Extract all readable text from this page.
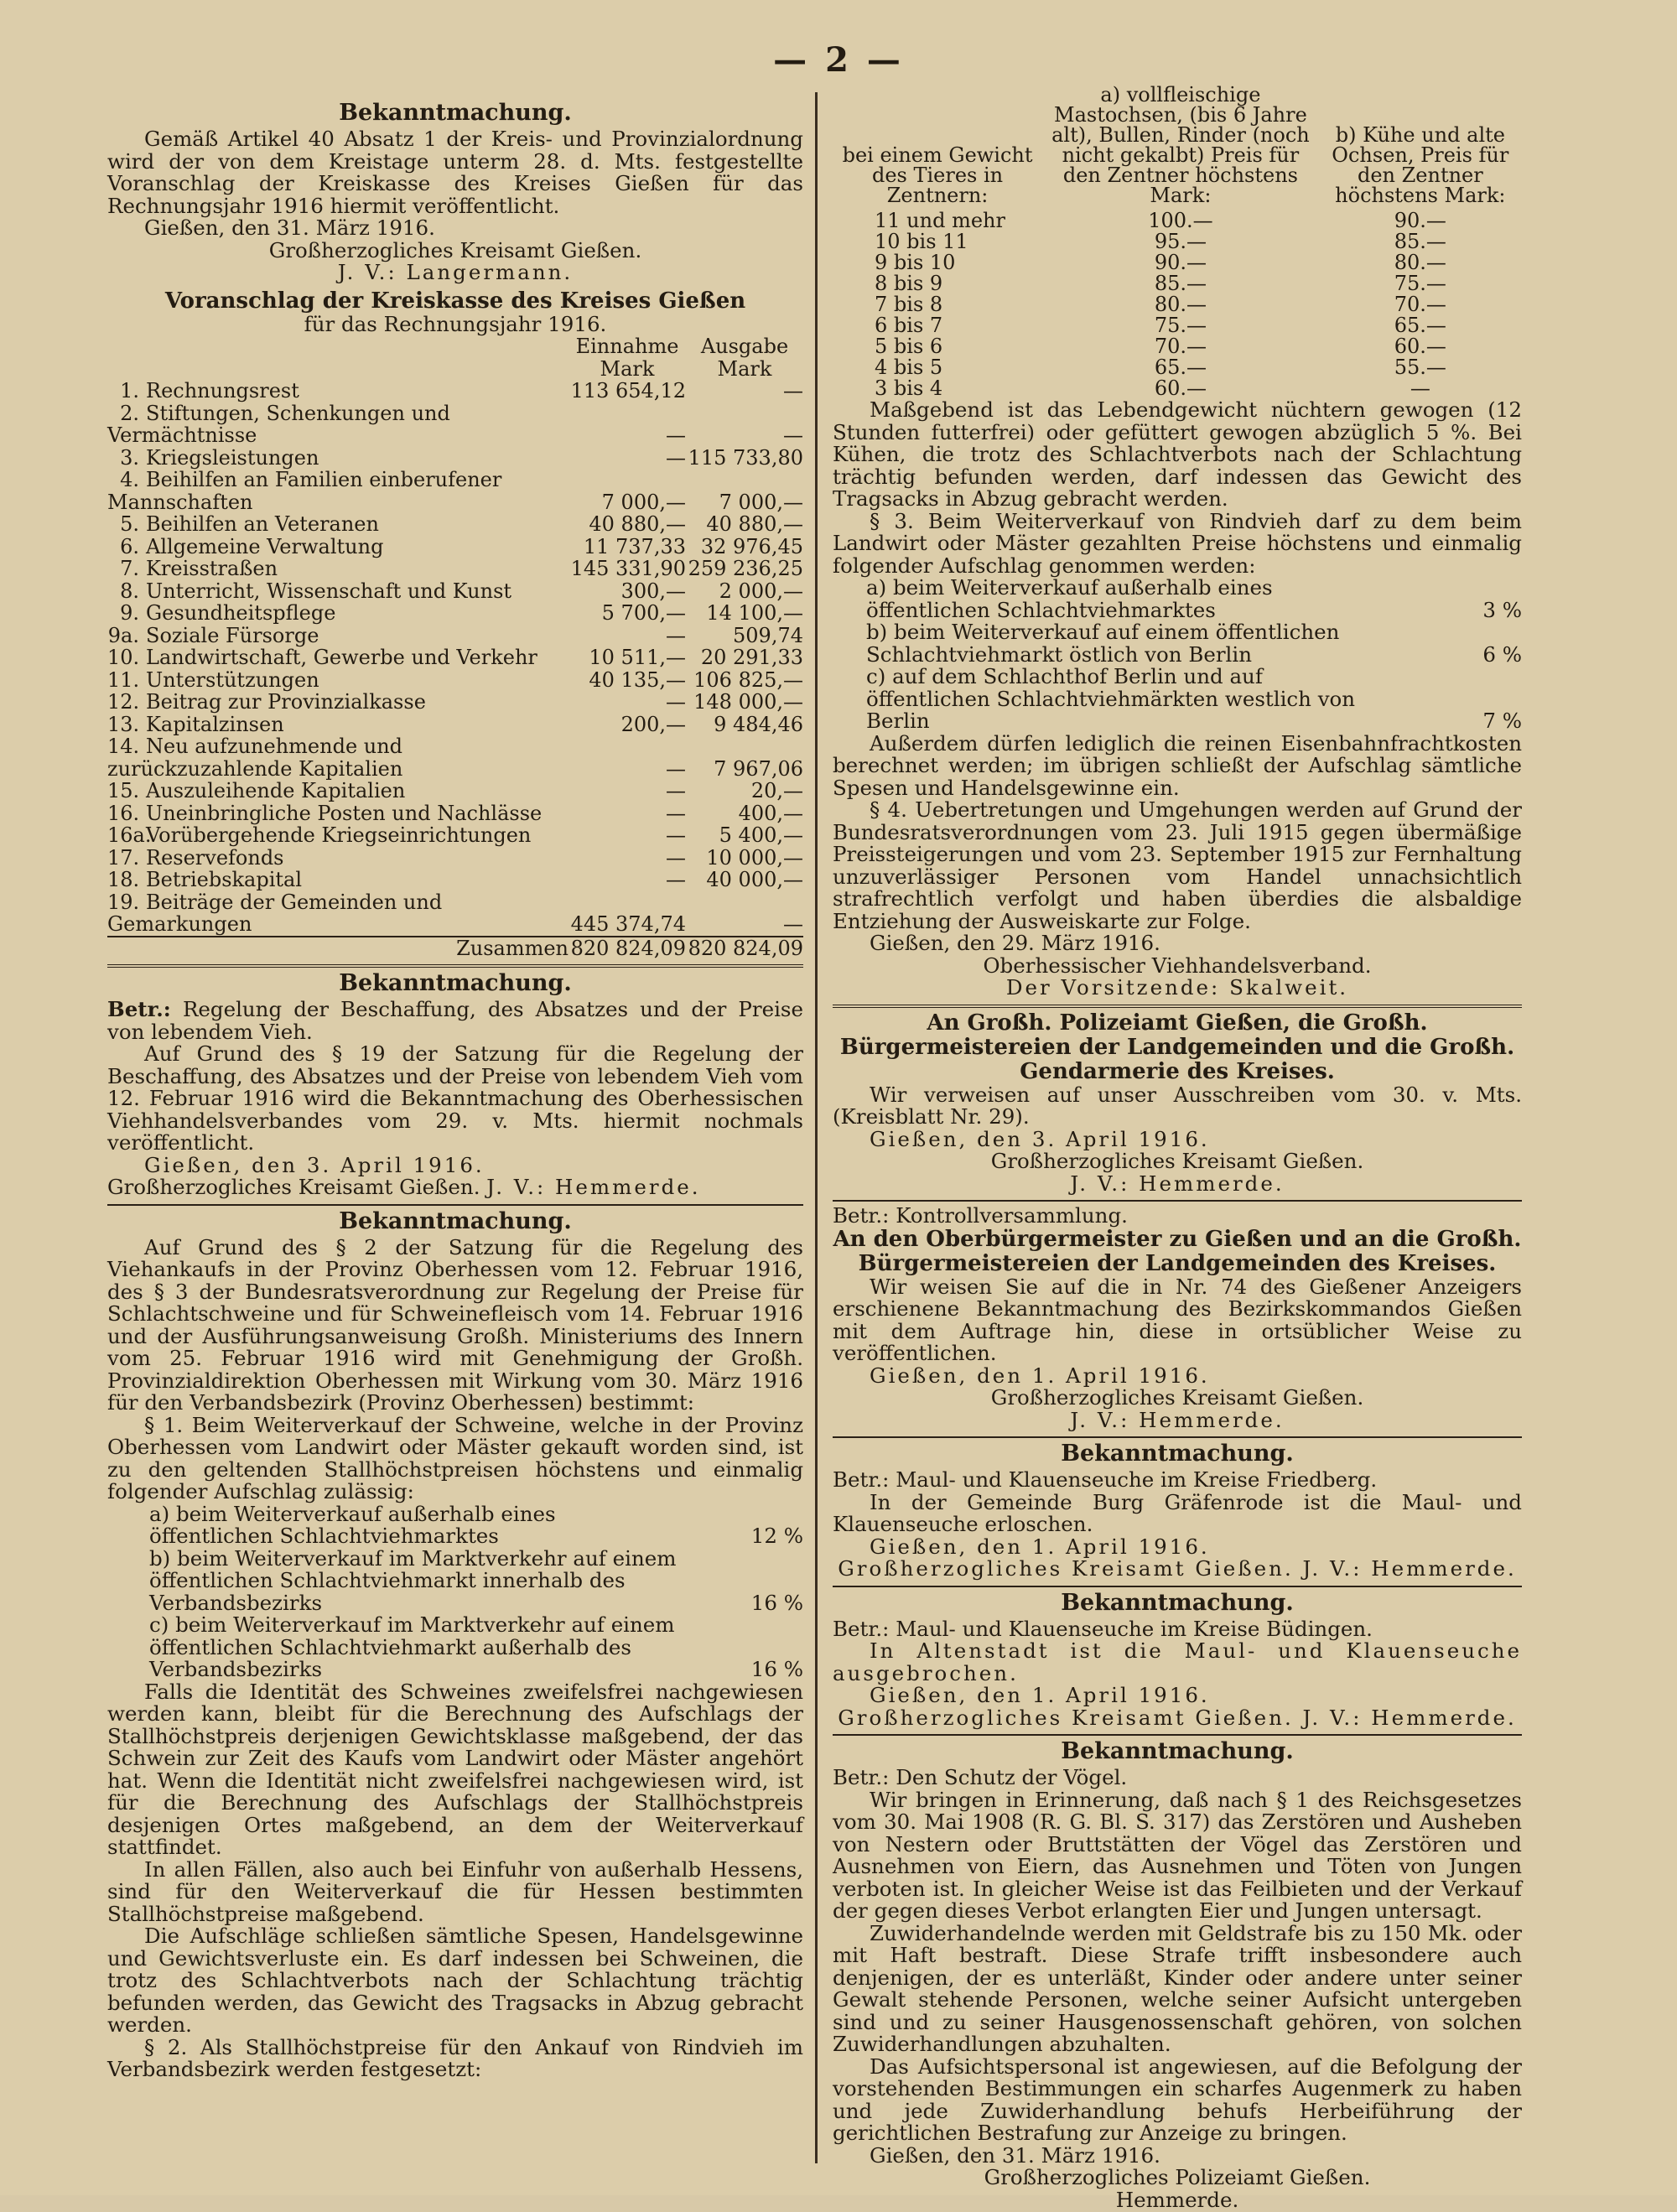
— 2 —
Bekanntmachung.

Gemäß Artikel 40 Absatz 1 der Kreis- und Provinzialordnung wird der von dem Kreistage unterm 28. d. Mts. festgestellte Voranschlag der Kreiskasse des Kreises Gießen für das Rechnungsjahr 1916 hiermit veröffentlicht.

Gießen, den 31. März 1916.

Großherzogliches Kreisamt Gießen.

J. V.: Langermann.

Voranschlag der Kreiskasse des Kreises Gießen

für das Rechnungsjahr 1916.

	Einnahme Mark	Ausgabe Mark
1. Rechnungsrest	113 654,12	—
2. Stiftungen, Schenkungen und Vermächtnisse	—	—
3. Kriegsleistungen	—	115 733,80
4. Beihilfen an Familien einberufener Mannschaften	7 000,—	7 000,—
5. Beihilfen an Veteranen	40 880,—	40 880,—
6. Allgemeine Verwaltung	11 737,33	32 976,45
7. Kreisstraßen	145 331,90	259 236,25
8. Unterricht, Wissenschaft und Kunst	300,—	2 000,—
9. Gesundheitspflege	5 700,—	14 100,—
9a. Soziale Fürsorge	—	509,74
10. Landwirtschaft, Gewerbe und Verkehr	10 511,—	20 291,33
11. Unterstützungen	40 135,—	106 825,—
12. Beitrag zur Provinzialkasse	—	148 000,—
13. Kapitalzinsen	200,—	9 484,46
14. Neu aufzunehmende und zurückzuzahlende Kapitalien	—	7 967,06
15. Auszuleihende Kapitalien	—	20,—
16. Uneinbringliche Posten und Nachlässe	—	400,—
16a.Vorübergehende Kriegseinrichtungen	—	5 400,—
17. Reservefonds	—	10 000,—
18. Betriebskapital	—	40 000,—
19. Beiträge der Gemeinden und Gemarkungen	445 374,74	—
Zusammen	820 824,09	820 824,09
Bekanntmachung.

Betr.: Regelung der Beschaffung, des Absatzes und der Preise von lebendem Vieh.

Auf Grund des § 19 der Satzung für die Regelung der Beschaffung, des Absatzes und der Preise von lebendem Vieh vom 12. Februar 1916 wird die Bekanntmachung des Oberhessischen Viehhandelsverbandes vom 29. v. Mts. hiermit nochmals veröffentlicht.

Gießen, den 3. April 1916.

Großherzogliches Kreisamt Gießen. J. V.: Hemmerde.

Bekanntmachung.

Auf Grund des § 2 der Satzung für die Regelung des Viehankaufs in der Provinz Oberhessen vom 12. Februar 1916, des § 3 der Bundesratsverordnung zur Regelung der Preise für Schlachtschweine und für Schweinefleisch vom 14. Februar 1916 und der Ausführungsanweisung Großh. Ministeriums des Innern vom 25. Februar 1916 wird mit Genehmigung der Großh. Provinzialdirektion Oberhessen mit Wirkung vom 30. März 1916 für den Verbandsbezirk (Provinz Oberhessen) bestimmt:

§ 1. Beim Weiterverkauf der Schweine, welche in der Provinz Oberhessen vom Landwirt oder Mäster gekauft worden sind, ist zu den geltenden Stallhöchstpreisen höchstens und einmalig folgender Aufschlag zulässig:

a) beim Weiterverkauf außerhalb eines öffentlichen Schlachtviehmarktes	12 %
b) beim Weiterverkauf im Marktverkehr auf einem öffentlichen Schlachtviehmarkt innerhalb des Verbandsbezirks	16 %
c) beim Weiterverkauf im Marktverkehr auf einem öffentlichen Schlachtviehmarkt außerhalb des Verbandsbezirks	16 %

Falls die Identität des Schweines zweifelsfrei nachgewiesen werden kann, bleibt für die Berechnung des Aufschlags der Stallhöchstpreis derjenigen Gewichtsklasse maßgebend, der das Schwein zur Zeit des Kaufs vom Landwirt oder Mäster angehört hat. Wenn die Identität nicht zweifelsfrei nachgewiesen wird, ist für die Berechnung des Aufschlags der Stallhöchstpreis desjenigen Ortes maßgebend, an dem der Weiterverkauf stattfindet.

In allen Fällen, also auch bei Einfuhr von außerhalb Hessens, sind für den Weiterverkauf die für Hessen bestimmten Stallhöchstpreise maßgebend.

Die Aufschläge schließen sämtliche Spesen, Handelsgewinne und Gewichtsverluste ein. Es darf indessen bei Schweinen, die trotz des Schlachtverbots nach der Schlachtung trächtig befunden werden, das Gewicht des Tragsacks in Abzug gebracht werden.

§ 2. Als Stallhöchstpreise für den Ankauf von Rindvieh im Verbandsbezirk werden festgesetzt:

bei einem Gewicht des Tieres in Zentnern:	a) vollfleischige Mastochsen, (bis 6 Jahre alt), Bullen, Rinder (noch nicht gekalbt) Preis für den Zentner höchstens Mark:	b) Kühe und alte Ochsen, Preis für den Zentner höchstens Mark:
11 und mehr	100.—	90.—
10 bis 11	95.—	85.—
9 bis 10	90.—	80.—
8 bis 9	85.—	75.—
7 bis 8	80.—	70.—
6 bis 7	75.—	65.—
5 bis 6	70.—	60.—
4 bis 5	65.—	55.—
3 bis 4	60.—	—

Maßgebend ist das Lebendgewicht nüchtern gewogen (12 Stunden futterfrei) oder gefüttert gewogen abzüglich 5 %. Bei Kühen, die trotz des Schlachtverbots nach der Schlachtung trächtig befunden werden, darf indessen das Gewicht des Tragsacks in Abzug gebracht werden.

§ 3. Beim Weiterverkauf von Rindvieh darf zu dem beim Landwirt oder Mäster gezahlten Preise höchstens und einmalig folgender Aufschlag genommen werden:

a) beim Weiterverkauf außerhalb eines öffentlichen Schlachtviehmarktes	3 %
b) beim Weiterverkauf auf einem öffentlichen Schlachtviehmarkt östlich von Berlin	6 %
c) auf dem Schlachthof Berlin und auf öffentlichen Schlachtviehmärkten westlich von Berlin	7 %

Außerdem dürfen lediglich die reinen Eisenbahnfrachtkosten berechnet werden; im übrigen schließt der Aufschlag sämtliche Spesen und Handelsgewinne ein.

§ 4. Uebertretungen und Umgehungen werden auf Grund der Bundesratsverordnungen vom 23. Juli 1915 gegen übermäßige Preissteigerungen und vom 23. September 1915 zur Fernhaltung unzuverlässiger Personen vom Handel unnachsichtlich strafrechtlich verfolgt und haben überdies die alsbaldige Entziehung der Ausweiskarte zur Folge.

Gießen, den 29. März 1916.

Oberhessischer Viehhandelsverband.

Der Vorsitzende: Skalweit.

An Großh. Polizeiamt Gießen, die Großh. Bürgermeistereien der Landgemeinden und die Großh. Gendarmerie des Kreises.

Wir verweisen auf unser Ausschreiben vom 30. v. Mts. (Kreisblatt Nr. 29).

Gießen, den 3. April 1916.

Großherzogliches Kreisamt Gießen.

J. V.: Hemmerde.

Betr.: Kontrollversammlung.

An den Oberbürgermeister zu Gießen und an die Großh. Bürgermeistereien der Landgemeinden des Kreises.

Wir weisen Sie auf die in Nr. 74 des Gießener Anzeigers erschienene Bekanntmachung des Bezirkskommandos Gießen mit dem Auftrage hin, diese in ortsüblicher Weise zu veröffentlichen.

Gießen, den 1. April 1916.

Großherzogliches Kreisamt Gießen.

J. V.: Hemmerde.

Bekanntmachung.

Betr.: Maul- und Klauenseuche im Kreise Friedberg.

In der Gemeinde Burg Gräfenrode ist die Maul- und Klauenseuche erloschen.

Gießen, den 1. April 1916.

Großherzogliches Kreisamt Gießen. J. V.: Hemmerde.

Bekanntmachung.

Betr.: Maul- und Klauenseuche im Kreise Büdingen.

In Altenstadt ist die Maul- und Klauenseuche ausgebrochen.

Gießen, den 1. April 1916.

Großherzogliches Kreisamt Gießen. J. V.: Hemmerde.

Bekanntmachung.

Betr.: Den Schutz der Vögel.

Wir bringen in Erinnerung, daß nach § 1 des Reichsgesetzes vom 30. Mai 1908 (R. G. Bl. S. 317) das Zerstören und Ausheben von Nestern oder Bruttstätten der Vögel das Zerstören und Ausnehmen von Eiern, das Ausnehmen und Töten von Jungen verboten ist. In gleicher Weise ist das Feilbieten und der Verkauf der gegen dieses Verbot erlangten Eier und Jungen untersagt.

Zuwiderhandelnde werden mit Geldstrafe bis zu 150 Mk. oder mit Haft bestraft. Diese Strafe trifft insbesondere auch denjenigen, der es unterläßt, Kinder oder andere unter seiner Gewalt stehende Personen, welche seiner Aufsicht untergeben sind und zu seiner Hausgenossenschaft gehören, von solchen Zuwiderhandlungen abzuhalten.

Das Aufsichtspersonal ist angewiesen, auf die Befolgung der vorstehenden Bestimmungen ein scharfes Augenmerk zu haben und jede Zuwiderhandlung behufs Herbeiführung der gerichtlichen Bestrafung zur Anzeige zu bringen.

Gießen, den 31. März 1916.

Großherzogliches Polizeiamt Gießen.

Hemmerde.
